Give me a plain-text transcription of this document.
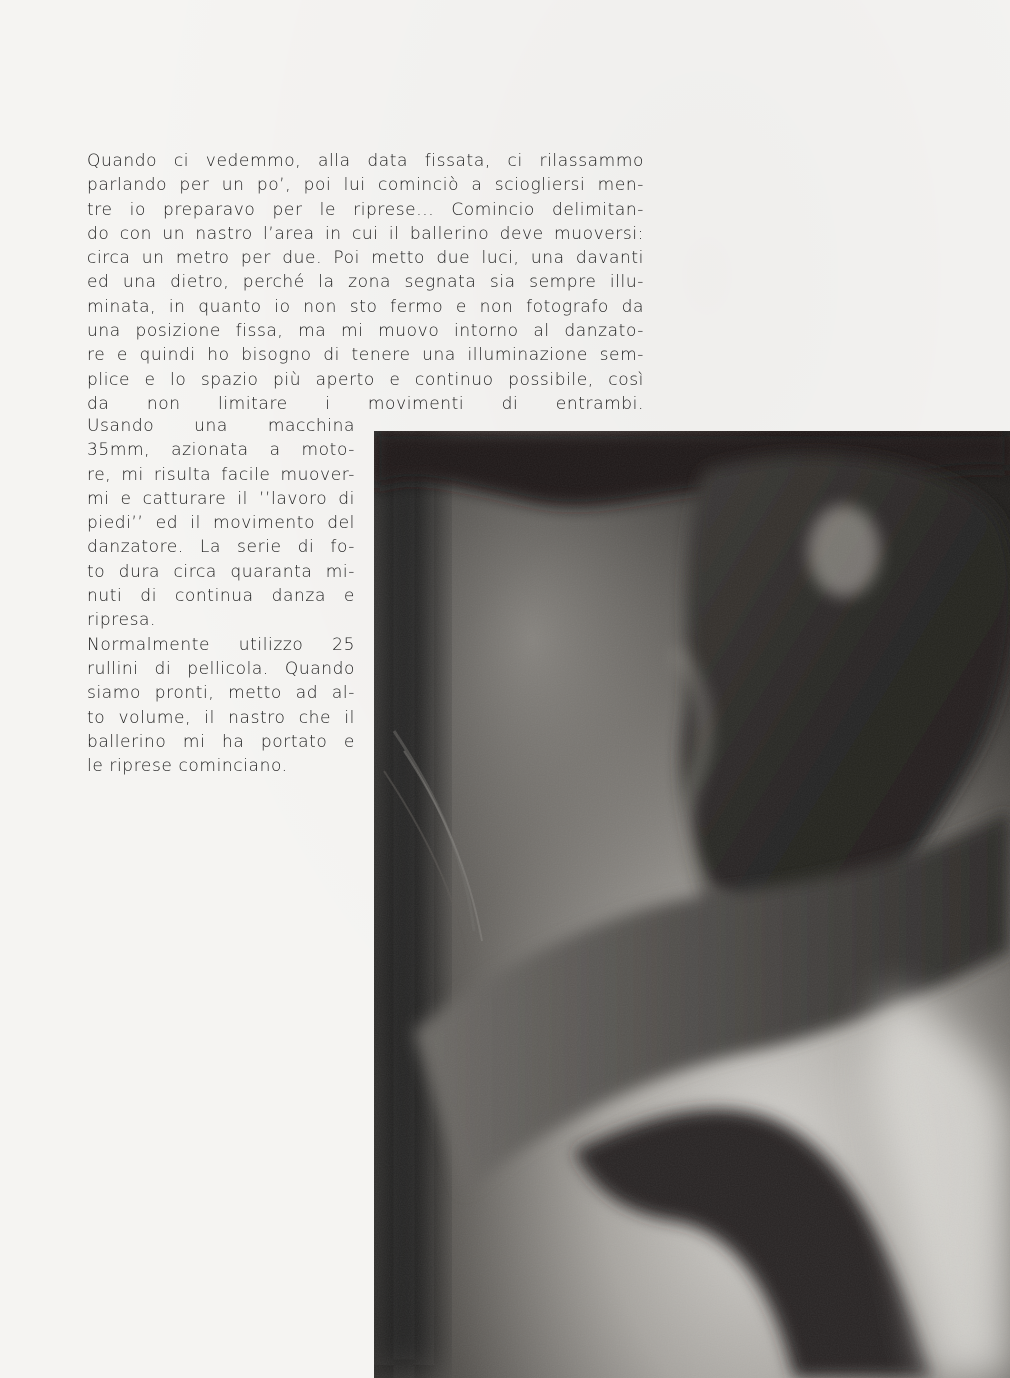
Quando ci vedemmo, alla data fissata, ci rilassammo
parlando per un po’, poi lui cominciò a sciogliersi men-
tre io preparavo per le riprese... Comincio delimitan-
do con un nastro l’area in cui il ballerino deve muoversi:
circa un metro per due. Poi metto due luci, una davanti
ed una dietro, perché la zona segnata sia sempre illu-
minata, in quanto io non sto fermo e non fotografo da
una posizione fissa, ma mi muovo intorno al danzato-
re e quindi ho bisogno di tenere una illuminazione sem-
plice e lo spazio più aperto e continuo possibile, così
da non limitare i movimenti di entrambi.
Usando una macchina
35mm, azionata a moto-
re, mi risulta facile muover-
mi e catturare il ’’lavoro di
piedi’’ ed il movimento del
danzatore. La serie di fo-
to dura circa quaranta mi-
nuti di continua danza e
ripresa.
Normalmente utilizzo 25
rullini di pellicola. Quando
siamo pronti, metto ad al-
to volume, il nastro che il
ballerino mi ha portato e
le riprese cominciano.
